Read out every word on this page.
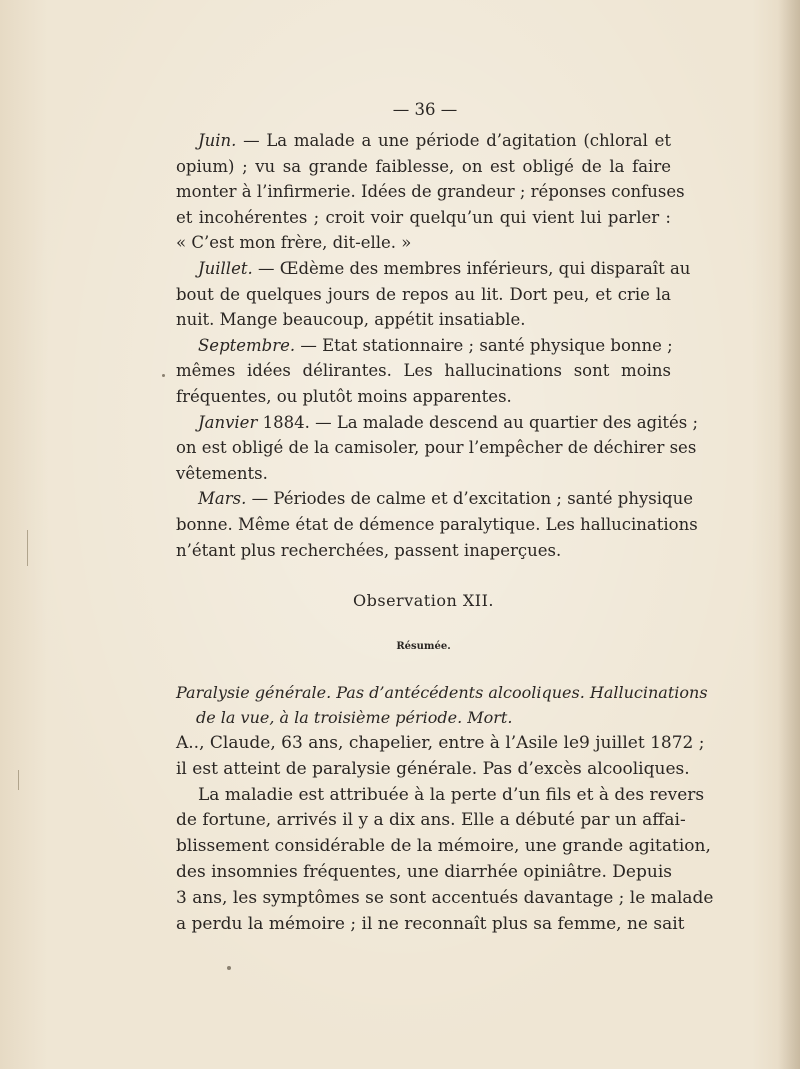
— 36 —
Juin. — La malade a une période d’agitation (chloral et
opium) ; vu sa grande faiblesse, on est obligé de la faire
monter à l’infirmerie. Idées de grandeur ; réponses confuses
et incohérentes ; croit voir quelqu’un qui vient lui parler :
« C’est mon frère, dit-elle. »
Juillet. — Œdème des membres inférieurs, qui disparaît au
bout de quelques jours de repos au lit. Dort peu, et crie la
nuit. Mange beaucoup, appétit insatiable.
Septembre. — Etat stationnaire ; santé physique bonne ;
mêmes idées délirantes. Les hallucinations sont moins
fréquentes, ou plutôt moins apparentes.
Janvier 1884. — La malade descend au quartier des agités ;
on est obligé de la camisoler, pour l’empêcher de déchirer ses
vêtements.
Mars. — Périodes de calme et d’excitation ; santé physique
bonne. Même état de démence paralytique. Les hallucinations
n’étant plus recherchées, passent inaperçues.
Observation XII.
Résumée.
Paralysie générale. Pas d’antécédents alcooliques. Hallucinations
de la vue, à la troisième période. Mort.
A.., Claude, 63 ans, chapelier, entre à l’Asile le9 juillet 1872 ;
il est atteint de paralysie générale. Pas d’excès alcooliques.
La maladie est attribuée à la perte d’un fils et à des revers
de fortune, arrivés il y a dix ans. Elle a débuté par un affai-
blissement considérable de la mémoire, une grande agitation,
des insomnies fréquentes, une diarrhée opiniâtre. Depuis
3 ans, les symptômes se sont accentués davantage ; le malade
a perdu la mémoire ; il ne reconnaît plus sa femme, ne sait
